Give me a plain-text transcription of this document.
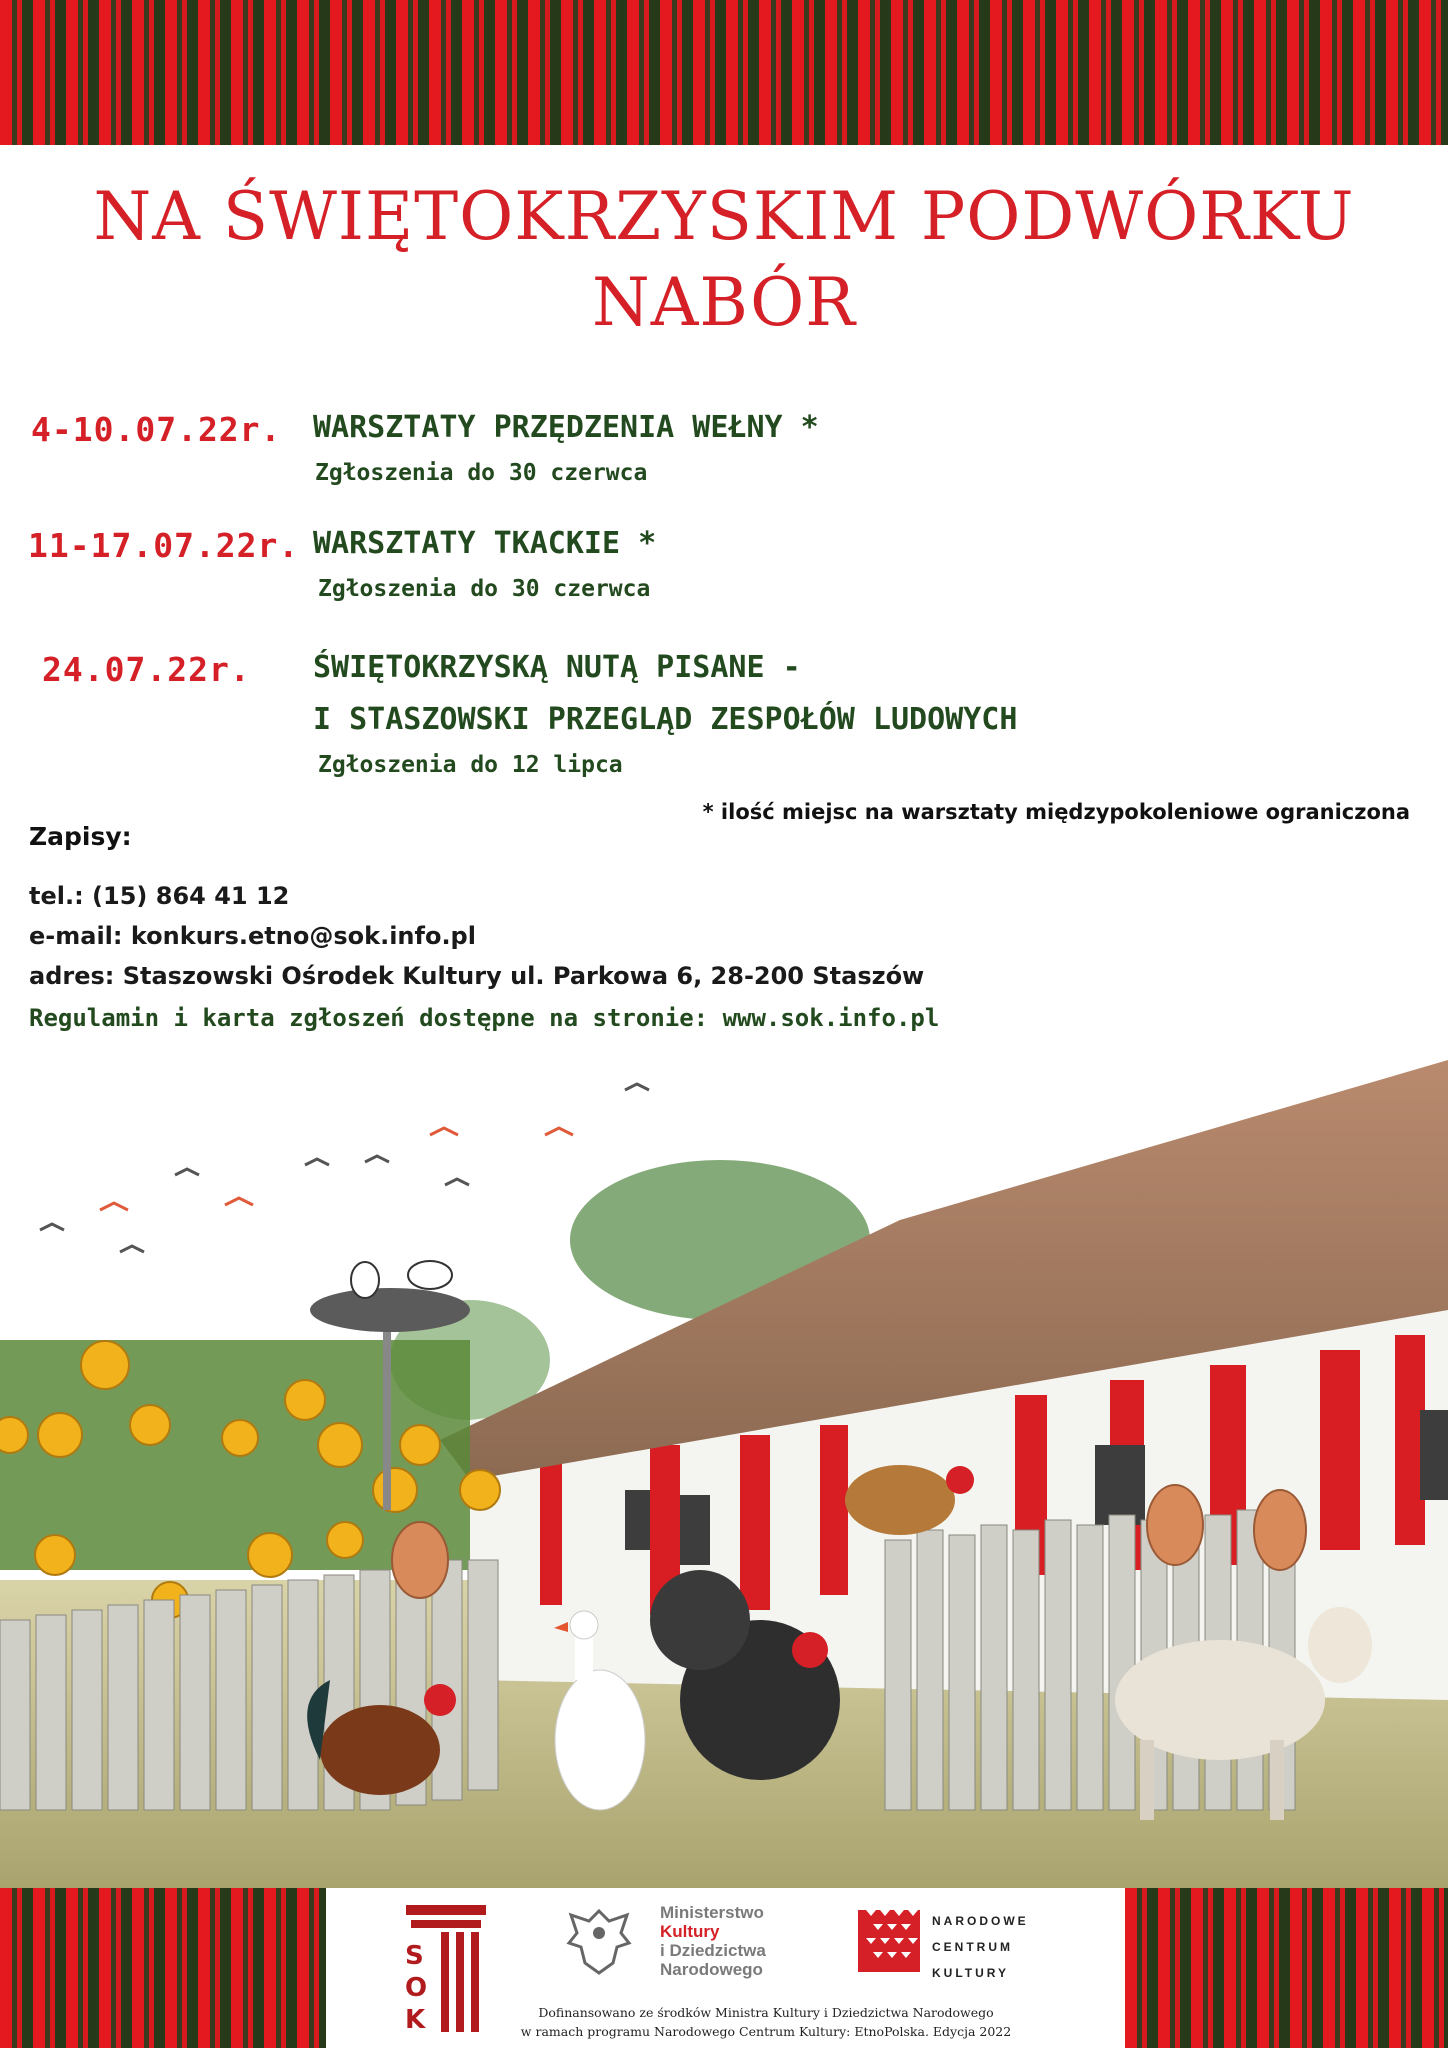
NA ŚWIĘTOKRZYSKIM PODWÓRKU
NABÓR
4-10.07.22r. WARSZTATY PRZĘDZENIA WEŁNY *
Zgłoszenia do 30 czerwca
11-17.07.22r. WARSZTATY TKACKIE *
Zgłoszenia do 30 czerwca
24.07.22r. ŚWIĘTOKRZYSKĄ NUTĄ PISANE -
I STASZOWSKI PRZEGLĄD ZESPOŁÓW LUDOWYCH
Zgłoszenia do 12 lipca
* ilość miejsc na warsztaty międzypokoleniowe ograniczona
Zapisy:
tel.: (15) 864 41 12
e-mail: konkurs.etno@sok.info.pl
adres: Staszowski Ośrodek Kultury ul. Parkowa 6, 28-200 Staszów
Regulamin i karta zgłoszeń dostępne na stronie: www.sok.info.pl
S
O
K
Ministerstwo
Kultury
i Dziedzictwa
Narodowego
NARODOWE
CENTRUM
KULTURY
Dofinansowano ze środków Ministra Kultury i Dziedzictwa Narodowego
w ramach programu Narodowego Centrum Kultury: EtnoPolska. Edycja 2022
